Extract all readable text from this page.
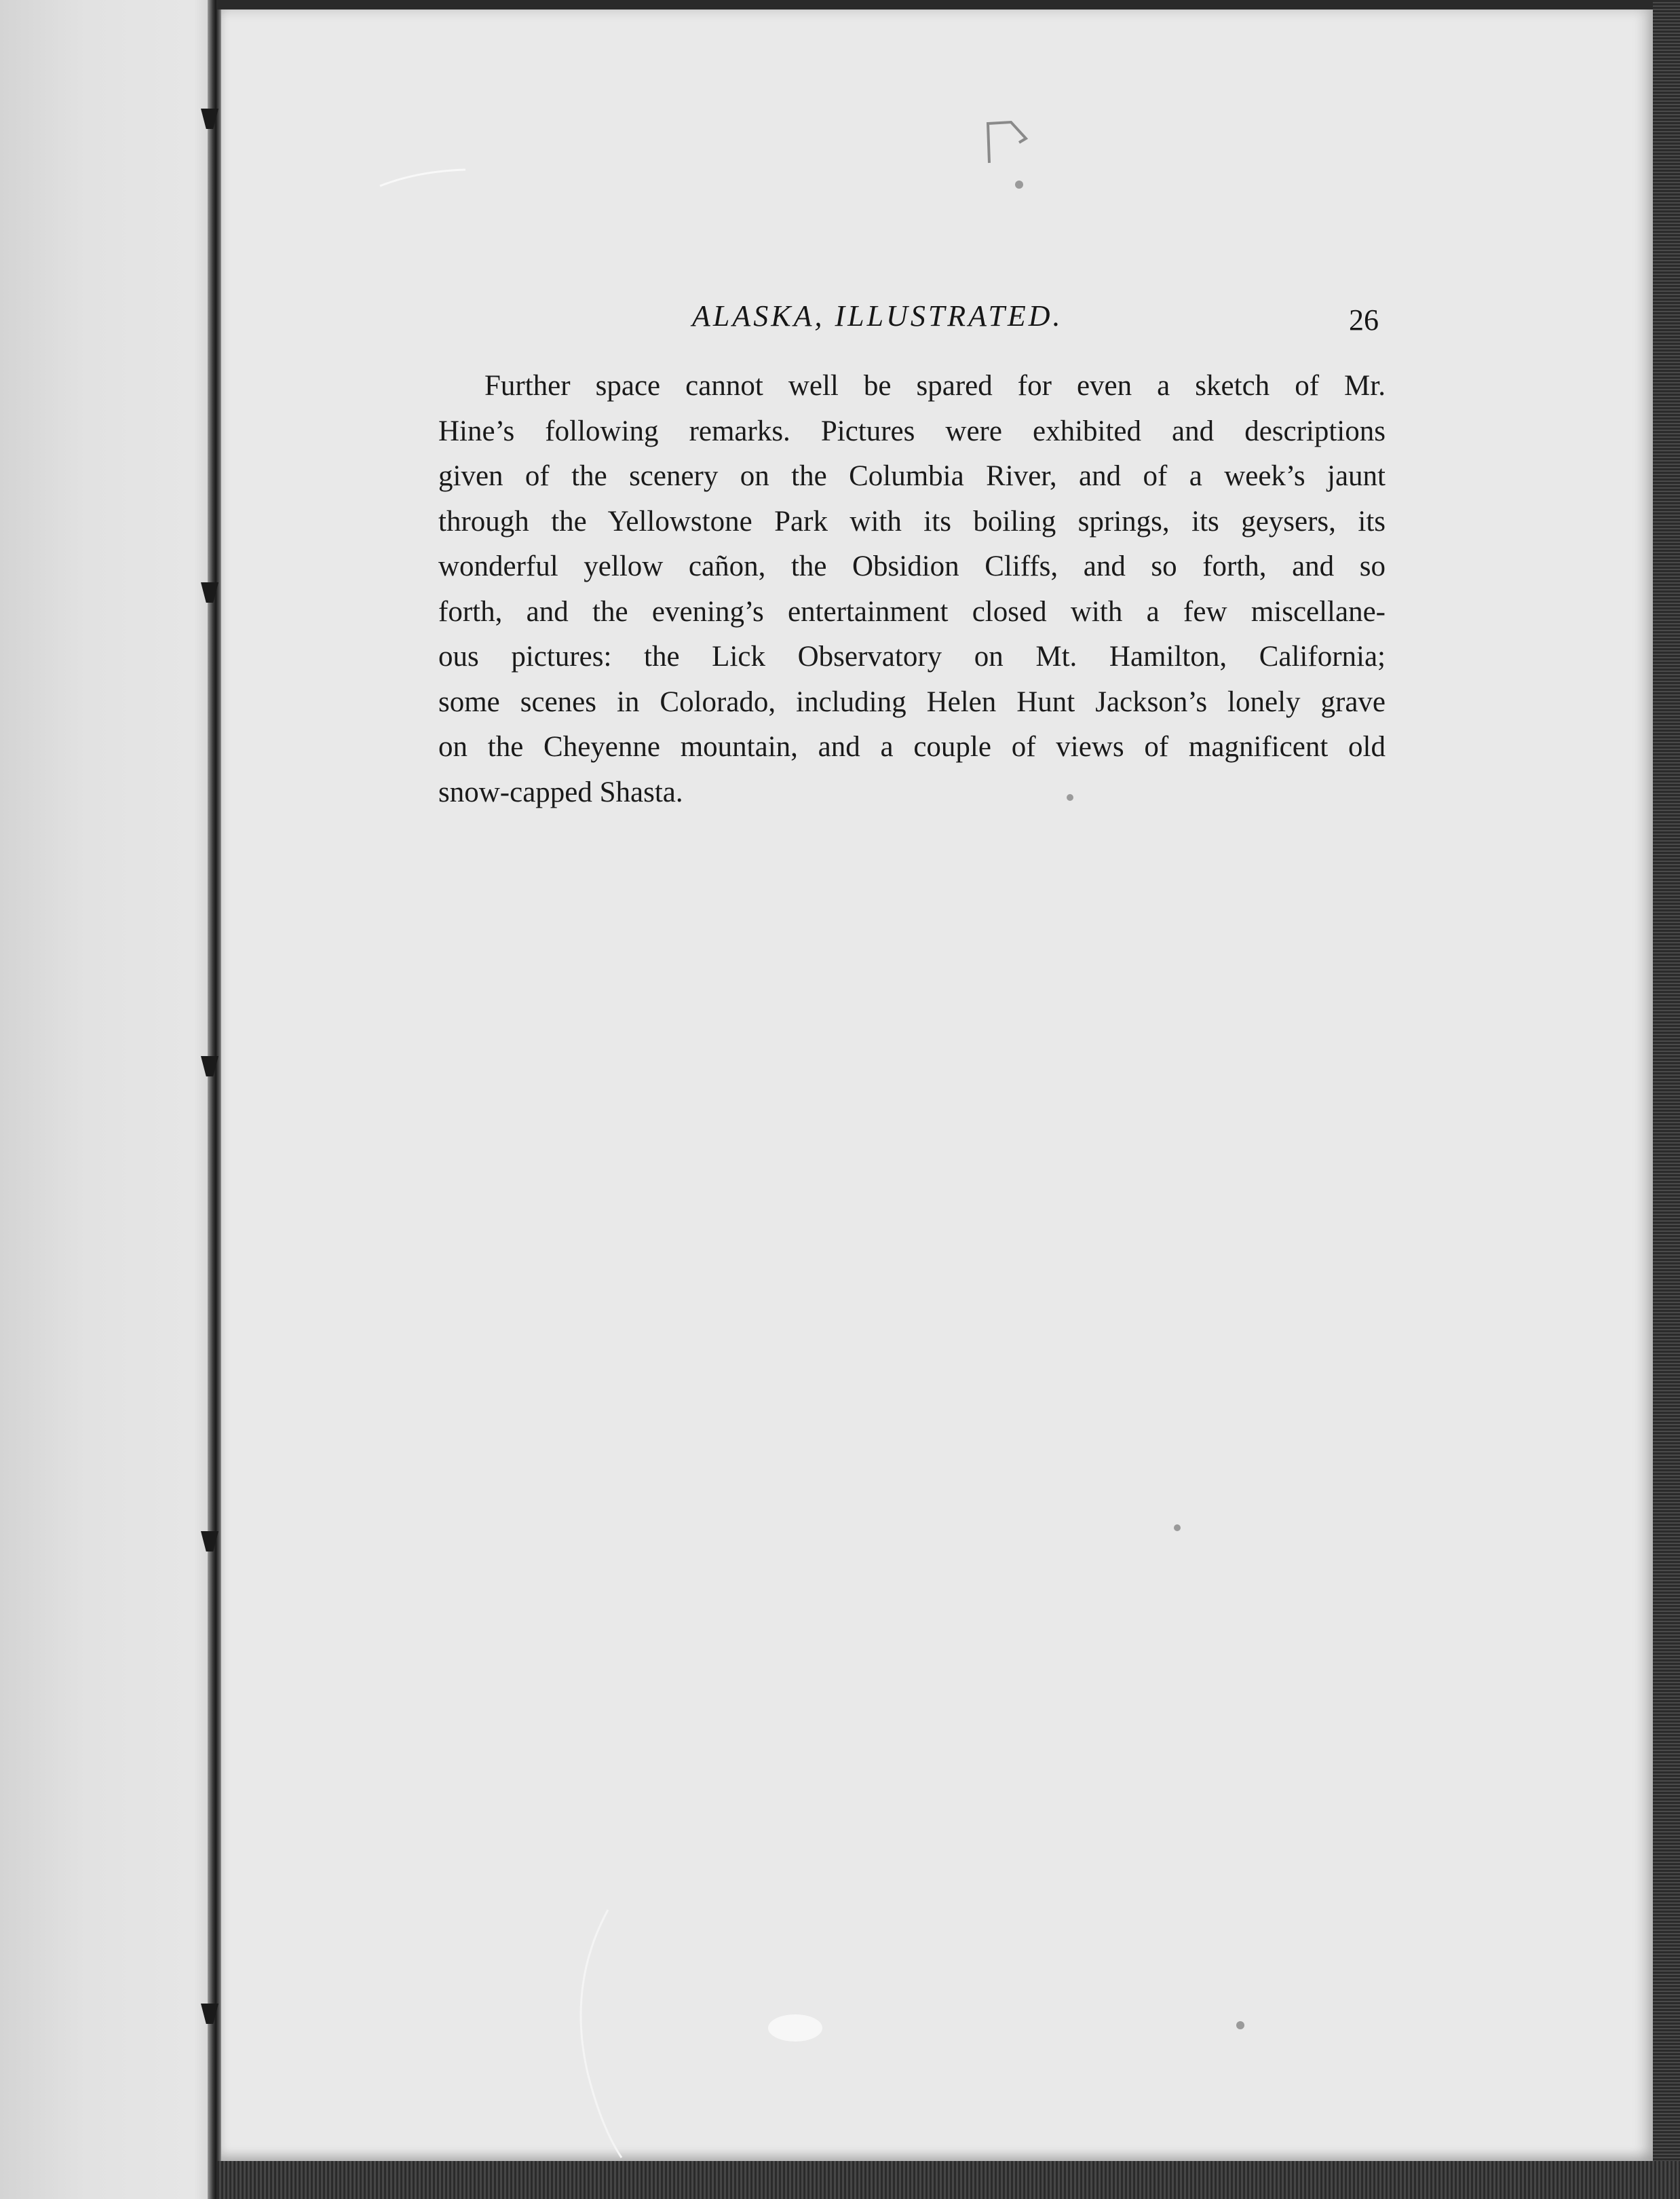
ALASKA, ILLUSTRATED.	26
Further space cannot well be spared for even a sketch of Mr.
Hine’s following remarks. Pictures were exhibited and descriptions
given of the scenery on the Columbia River, and of a week’s jaunt
through the Yellowstone Park with its boiling springs, its geysers, its
wonderful yellow cañon, the Obsidion Cliffs, and so forth, and so
forth, and the evening’s entertainment closed with a few miscellane-
ous pictures: the Lick Observatory on Mt. Hamilton, California;
some scenes in Colorado, including Helen Hunt Jackson’s lonely grave
on the Cheyenne mountain, and a couple of views of magnificent old
snow-capped Shasta.
